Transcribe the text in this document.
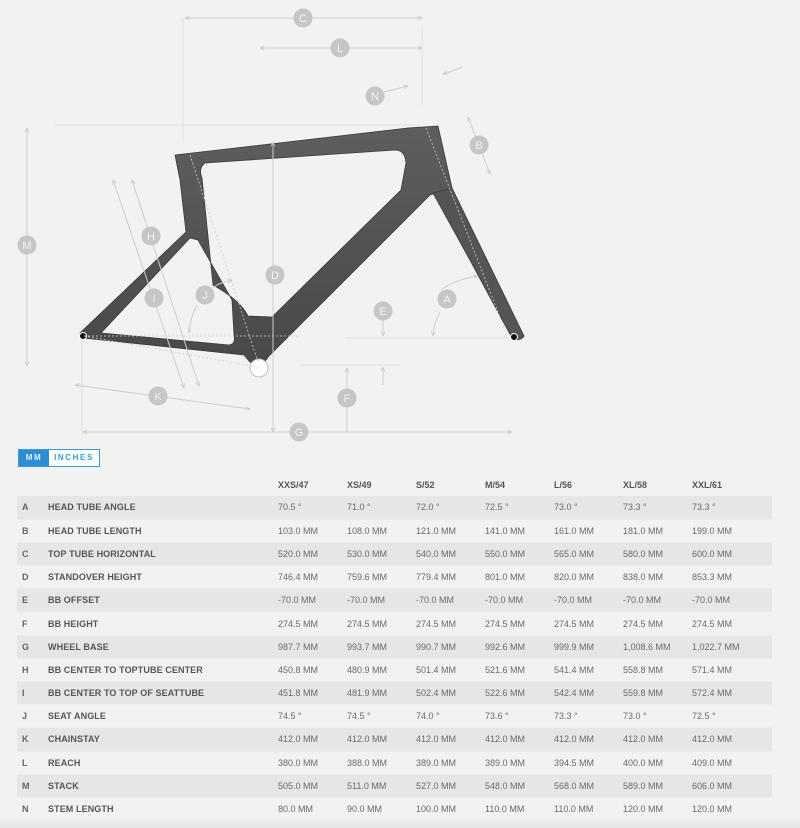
C
L
N
B
M
H
D
I	J	A
E
F
K
G
MM	INCHES
		XXS/47	XS/49	S/52	M/54	L/56	XL/58	XXL/61
A	HEAD TUBE ANGLE	70.5 °	71.0 °	72.0 °	72.5 °	73.0 °	73.3 °	73.3 °
B	HEAD TUBE LENGTH	103.0 MM	108.0 MM	121.0 MM	141.0 MM	161.0 MM	181.0 MM	199.0 MM
C	TOP TUBE HORIZONTAL	520.0 MM	530.0 MM	540.0 MM	550.0 MM	565.0 MM	580.0 MM	600.0 MM
D	STANDOVER HEIGHT	746.4 MM	759.6 MM	779.4 MM	801.0 MM	820.0 MM	838.0 MM	853.3 MM
E	BB OFFSET	-70.0 MM	-70.0 MM	-70.0 MM	-70.0 MM	-70.0 MM	-70.0 MM	-70.0 MM
F	BB HEIGHT	274.5 MM	274.5 MM	274.5 MM	274.5 MM	274.5 MM	274.5 MM	274.5 MM
G	WHEEL BASE	987.7 MM	993.7 MM	990.7 MM	992.6 MM	999.9 MM	1,008.6 MM	1,022.7 MM
H	BB CENTER TO TOPTUBE CENTER	450.8 MM	480.9 MM	501.4 MM	521.6 MM	541.4 MM	558.8 MM	571.4 MM
I	BB CENTER TO TOP OF SEATTUBE	451.8 MM	481.9 MM	502.4 MM	522.6 MM	542.4 MM	559.8 MM	572.4 MM
J	SEAT ANGLE	74.5 °	74.5 °	74.0 °	73.6 °	73.3 °	73.0 °	72.5 °
K	CHAINSTAY	412.0 MM	412.0 MM	412.0 MM	412.0 MM	412.0 MM	412.0 MM	412.0 MM
L	REACH	380.0 MM	388.0 MM	389.0 MM	389.0 MM	394.5 MM	400.0 MM	409.0 MM
M	STACK	505.0 MM	511.0 MM	527.0 MM	548.0 MM	568.0 MM	589.0 MM	606.0 MM
N	STEM LENGTH	80.0 MM	90.0 MM	100.0 MM	110.0 MM	110.0 MM	120.0 MM	120.0 MM
